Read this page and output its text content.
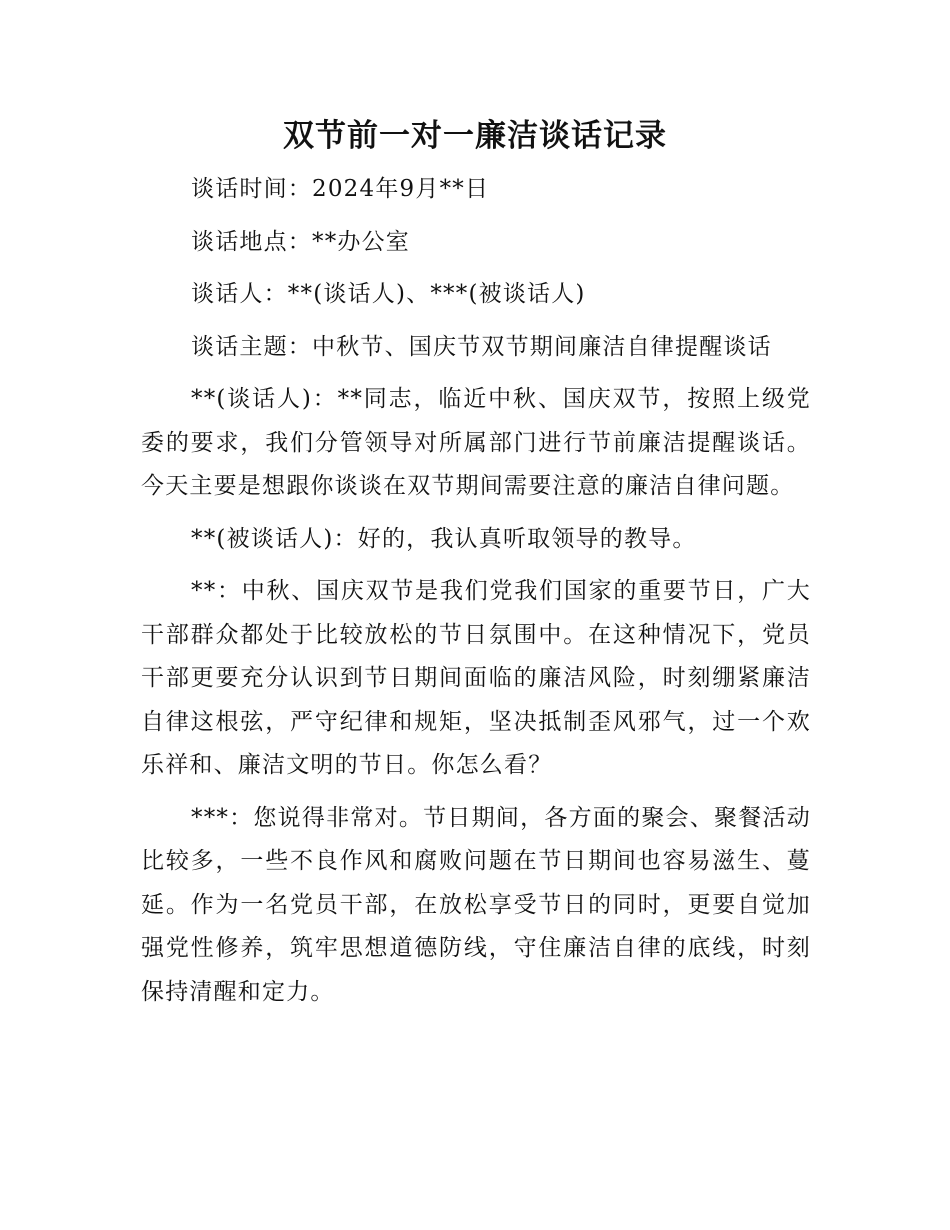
双节前一对一廉洁谈话记录

谈话时间：2024年9月**日

谈话地点：**办公室

谈话人：**(谈话人)、***(被谈话人)

谈话主题：中秋节、国庆节双节期间廉洁自律提醒谈话

**(谈话人)：**同志，临近中秋、国庆双节，按照上级党委的要求，我们分管领导对所属部门进行节前廉洁提醒谈话。今天主要是想跟你谈谈在双节期间需要注意的廉洁自律问题。

**(被谈话人)：好的，我认真听取领导的教导。

**：中秋、国庆双节是我们党我们国家的重要节日，广大干部群众都处于比较放松的节日氛围中。在这种情况下，党员干部更要充分认识到节日期间面临的廉洁风险，时刻绷紧廉洁自律这根弦，严守纪律和规矩，坚决抵制歪风邪气，过一个欢乐祥和、廉洁文明的节日。你怎么看？

***：您说得非常对。节日期间，各方面的聚会、聚餐活动比较多，一些不良作风和腐败问题在节日期间也容易滋生、蔓延。作为一名党员干部，在放松享受节日的同时，更要自觉加强党性修养，筑牢思想道德防线，守住廉洁自律的底线，时刻保持清醒和定力。
